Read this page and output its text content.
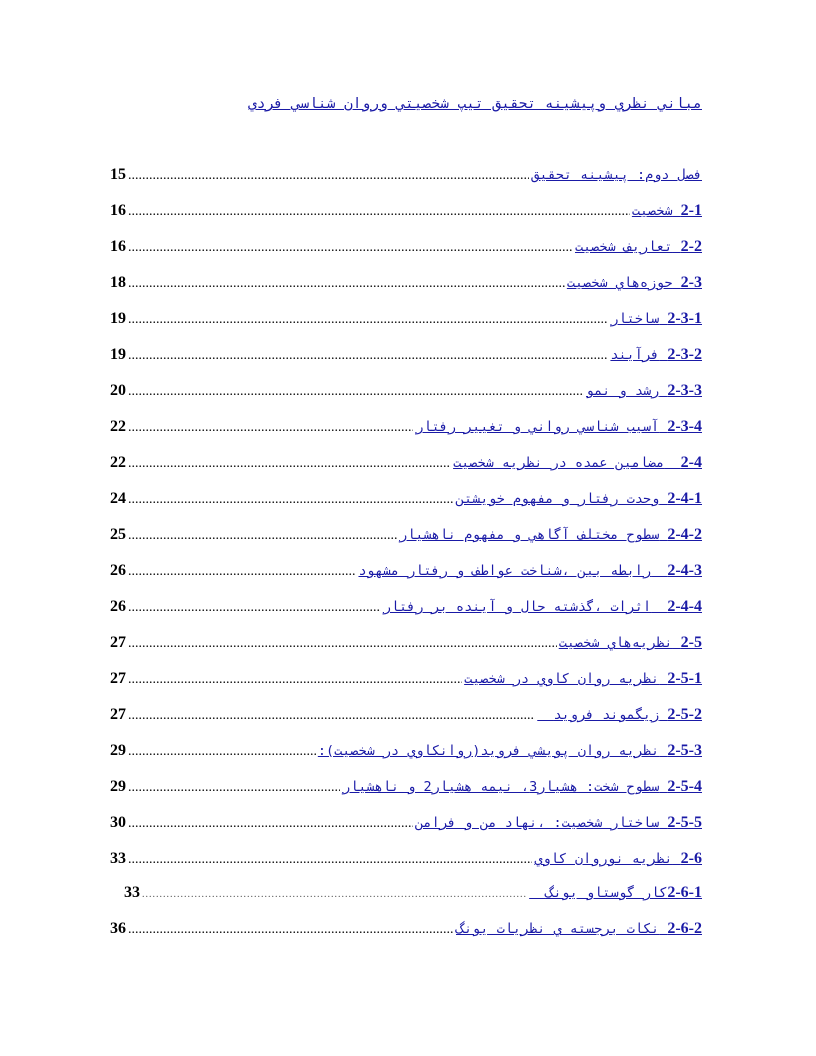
مباني نظري وپيشينه تحقيق تيپ شخصيتي وروان شناسي فردي
15 .....	فصل دوم: پيشينه تحقيق
16 .....	2-1 شخصيت
16 .....	2-2 تعاريف شخصيت
18 .....	2-3 حوزه‌هاي شخصيت
19 .....	2-3-1 ساختار
19 .....	2-3-2 فرآيند
20 .....	2-3-3 رشد و نمو
22 .....	2-3-4 آسيب شناسي رواني و تغيير رفتار
22 .....	2-4  مضامين عمده در نظريه شخصيت
24 .....	2-4-1 وحدت رفتار و مفهوم خويشتن
25 .....	2-4-2 سطوح مختلف آگاهي و مفهوم ناهشيار
26 .....	2-4-3  رابطه بين ،شناخت عواطف و رفتار مشهود
26 .....	2-4-4  اثرات ،گذشته حال و آينده بر رفتار
27 .....	2-5 نظريه‌هاي شخصيت
27 .....	2-5-1 نظريه روان كاوي در شخصيت
27 .....	2-5-2 زيگموند فرويد
29 .....	2-5-3 نظريه روان پويشي فرويد(روانكاوي در شخصيت):
29 .....	2-5-4 سطوح شخت: هشيار3، نيمه هشيار2 و ناهشيار
30 .....	2-5-5 ساختار شخصيت: ،نهاد من و فرامن
33 .....	2-6 نظريه نوروان كاوي
33 .....	2-6-1كار گوستاو يونگ
36 .....	2-6-2 نكات برجسته ي نظريات يونگ
